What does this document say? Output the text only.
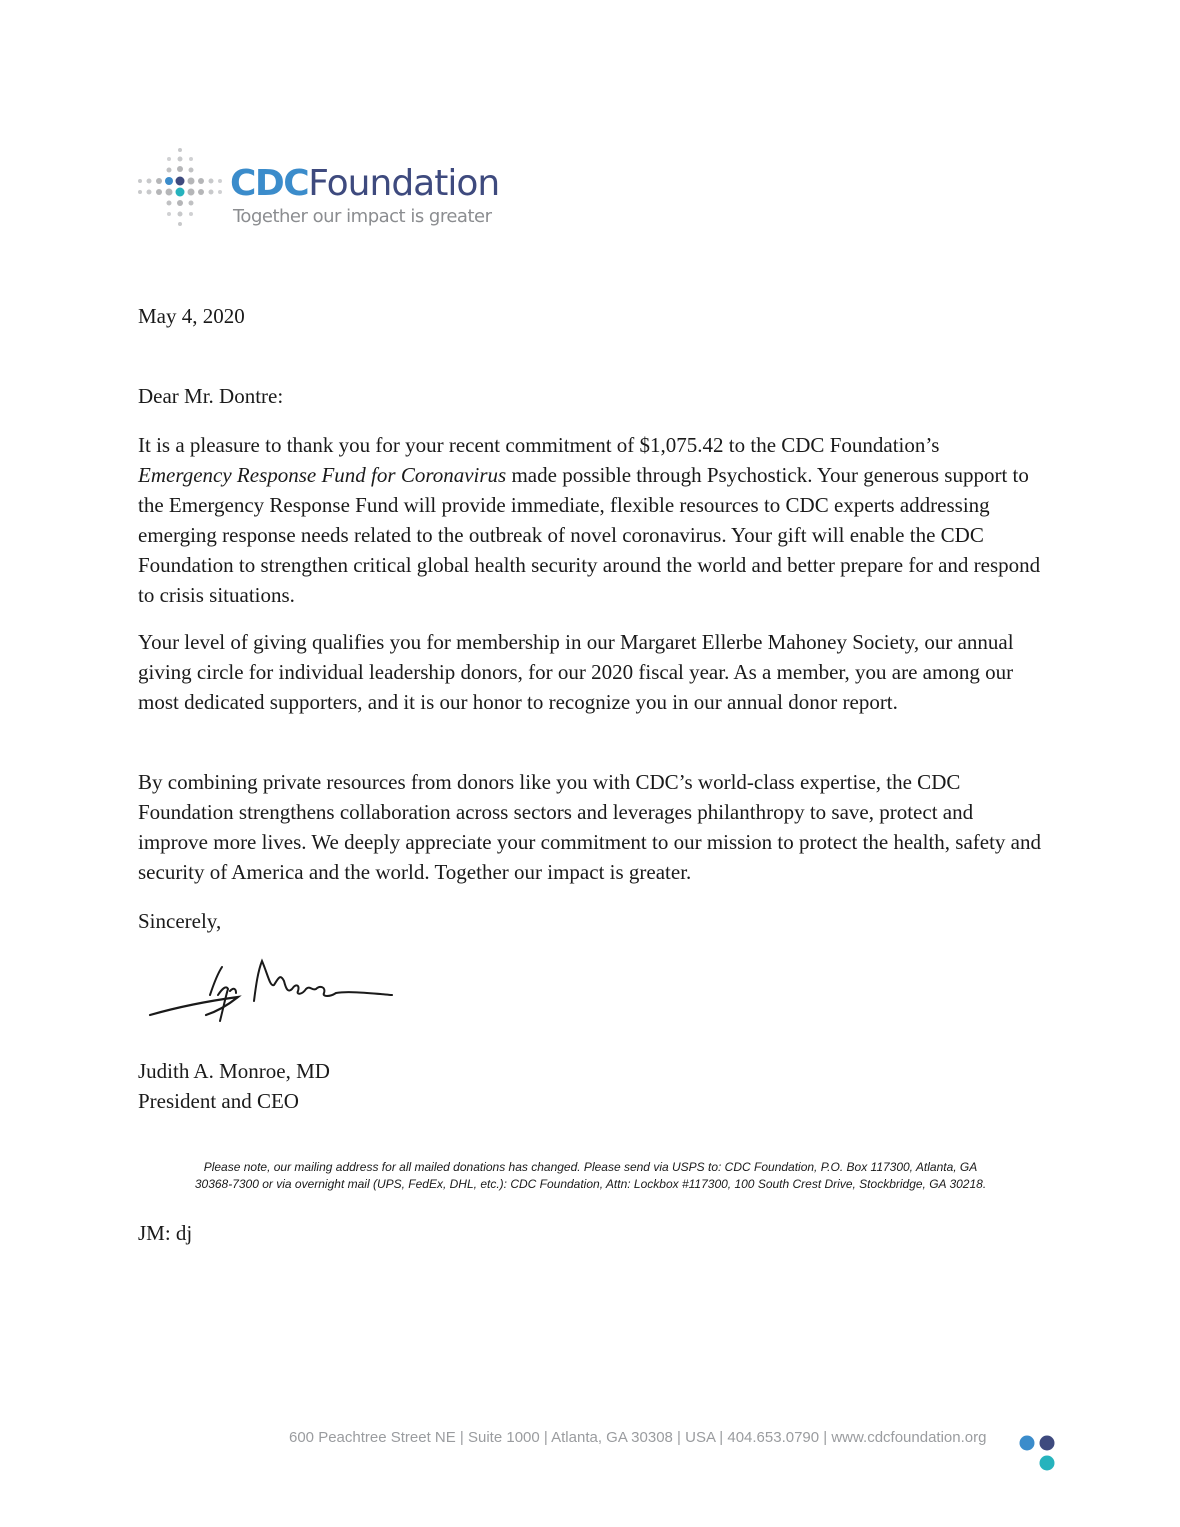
CDCFoundation
Together our impact is greater
May 4, 2020
Dear Mr. Dontre:

It is a pleasure to thank you for your recent commitment of $1,075.42 to the CDC Foundation’s
Emergency Response Fund for Coronavirus made possible through Psychostick. Your generous support to the Emergency Response Fund will provide immediate, flexible resources to CDC experts addressing emerging response needs related to the outbreak of novel coronavirus. Your gift will enable the CDC Foundation to strengthen critical global health security around the world and better prepare for and respond to crisis situations.

Your level of giving qualifies you for membership in our Margaret Ellerbe Mahoney Society, our annual giving circle for individual leadership donors, for our 2020 fiscal year. As a member, you are among our most dedicated supporters, and it is our honor to recognize you in our annual donor report.

By combining private resources from donors like you with CDC’s world-class expertise, the CDC Foundation strengthens collaboration across sectors and leverages philanthropy to save, protect and improve more lives. We deeply appreciate your commitment to our mission to protect the health, safety and security of America and the world. Together our impact is greater.

Sincerely,
Judith A. Monroe, MD
President and CEO
Please note, our mailing address for all mailed donations has changed. Please send via USPS to: CDC Foundation, P.O. Box 117300, Atlanta, GA
30368-7300 or via overnight mail (UPS, FedEx, DHL, etc.): CDC Foundation, Attn: Lockbox #117300, 100 South Crest Drive, Stockbridge, GA 30218.
JM: dj
600 Peachtree Street NE | Suite 1000 | Atlanta, GA 30308 | USA | 404.653.0790 | www.cdcfoundation.org
